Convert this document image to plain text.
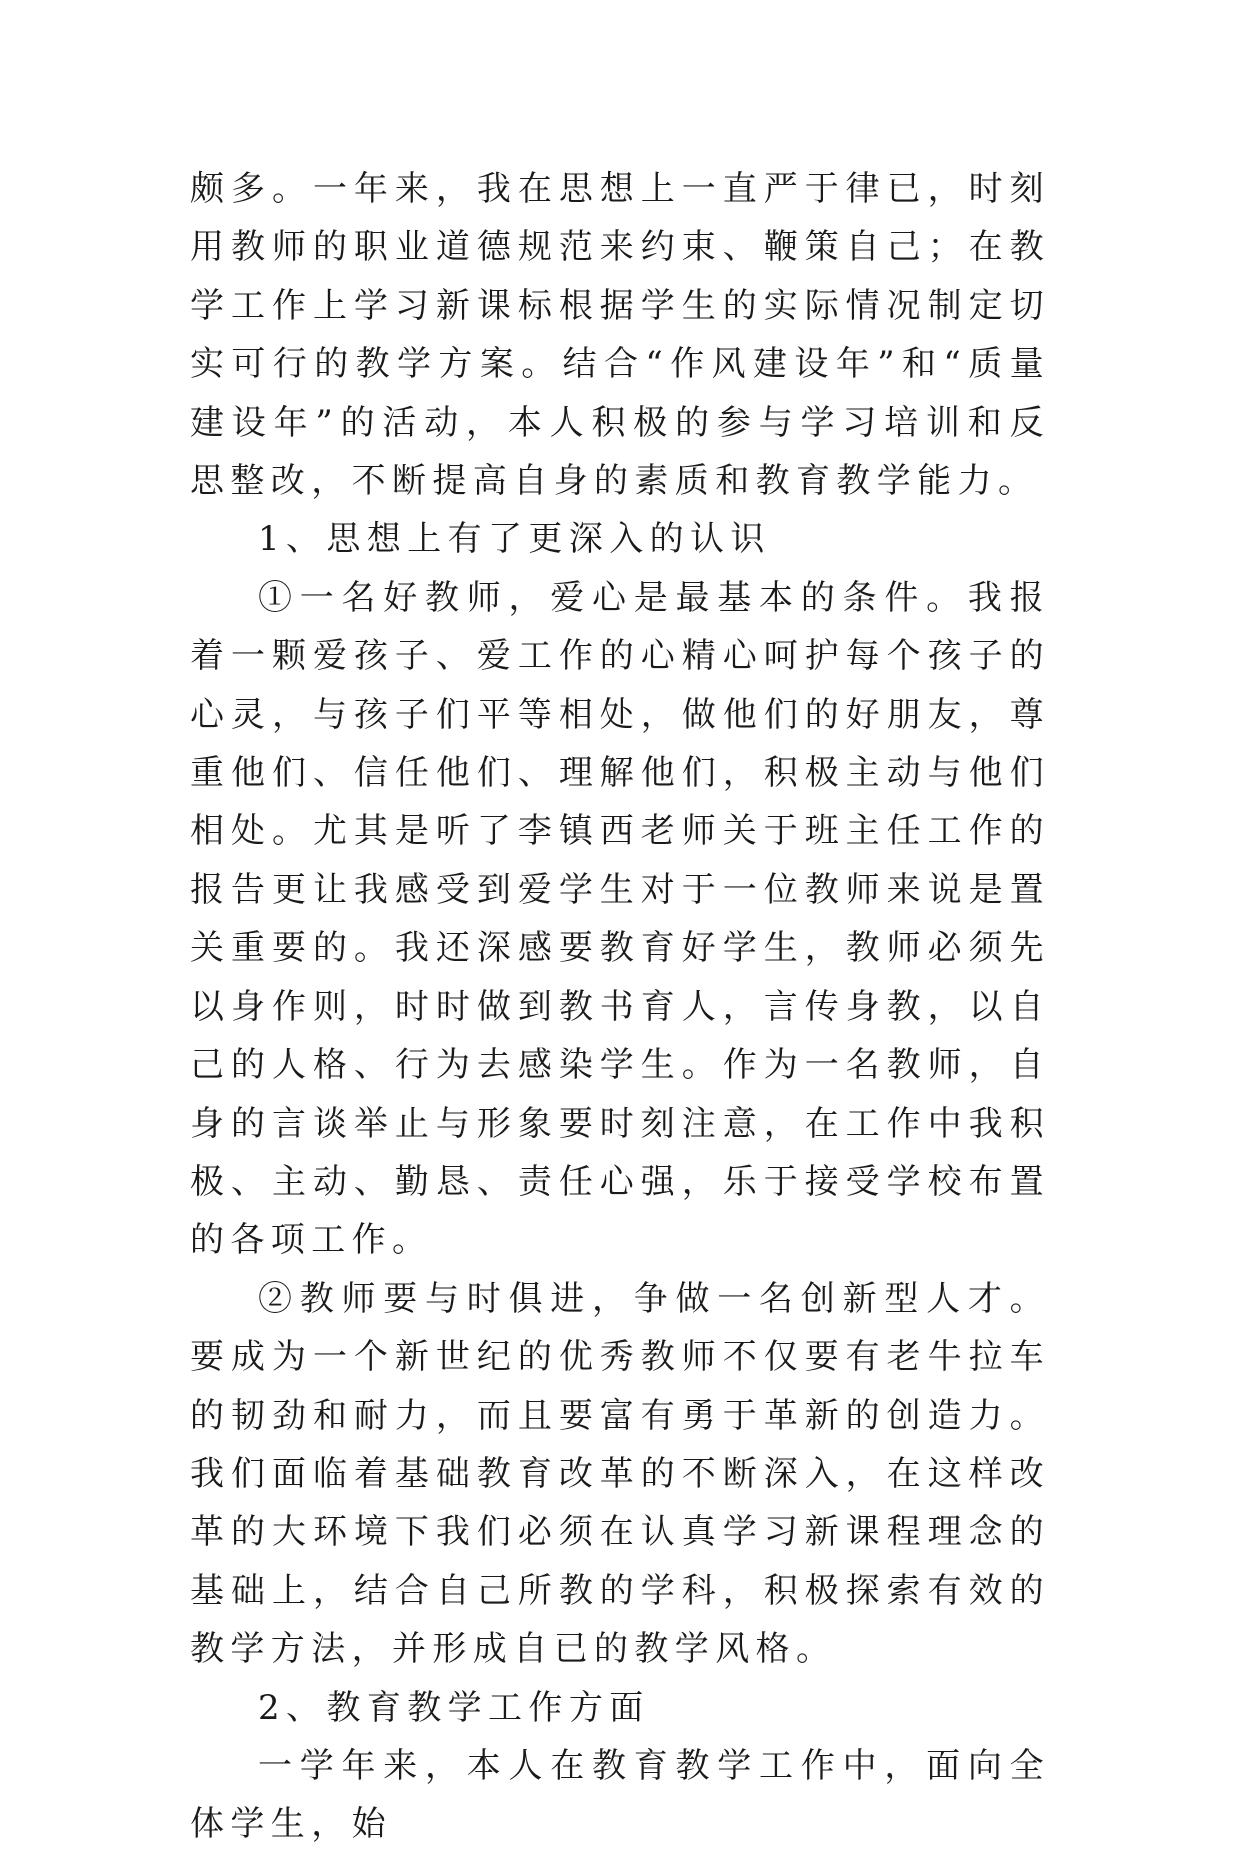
颇多。一年来，我在思想上一直严于律已，时刻用教师的职业道德规范来约束、鞭策自己；在教学工作上学习新课标根据学生的实际情况制定切实可行的教学方案。结合“作风建设年”和“质量建设年”的活动，本人积极的参与学习培训和反思整改，不断提高自身的素质和教育教学能力。

1、思想上有了更深入的认识

①一名好教师，爱心是最基本的条件。我报着一颗爱孩子、爱工作的心精心呵护每个孩子的心灵，与孩子们平等相处，做他们的好朋友，尊重他们、信任他们、理解他们，积极主动与他们相处。尤其是听了李镇西老师关于班主任工作的报告更让我感受到爱学生对于一位教师来说是置关重要的。我还深感要教育好学生，教师必须先以身作则，时时做到教书育人，言传身教，以自己的人格、行为去感染学生。作为一名教师，自身的言谈举止与形象要时刻注意，在工作中我积极、主动、勤恳、责任心强，乐于接受学校布置的各项工作。

②教师要与时俱进，争做一名创新型人才。要成为一个新世纪的优秀教师不仅要有老牛拉车的韧劲和耐力，而且要富有勇于革新的创造力。我们面临着基础教育改革的不断深入，在这样改革的大环境下我们必须在认真学习新课程理念的基础上，结合自己所教的学科，积极探索有效的教学方法，并形成自已的教学风格。

2、教育教学工作方面

一学年来，本人在教育教学工作中，面向全体学生，始
